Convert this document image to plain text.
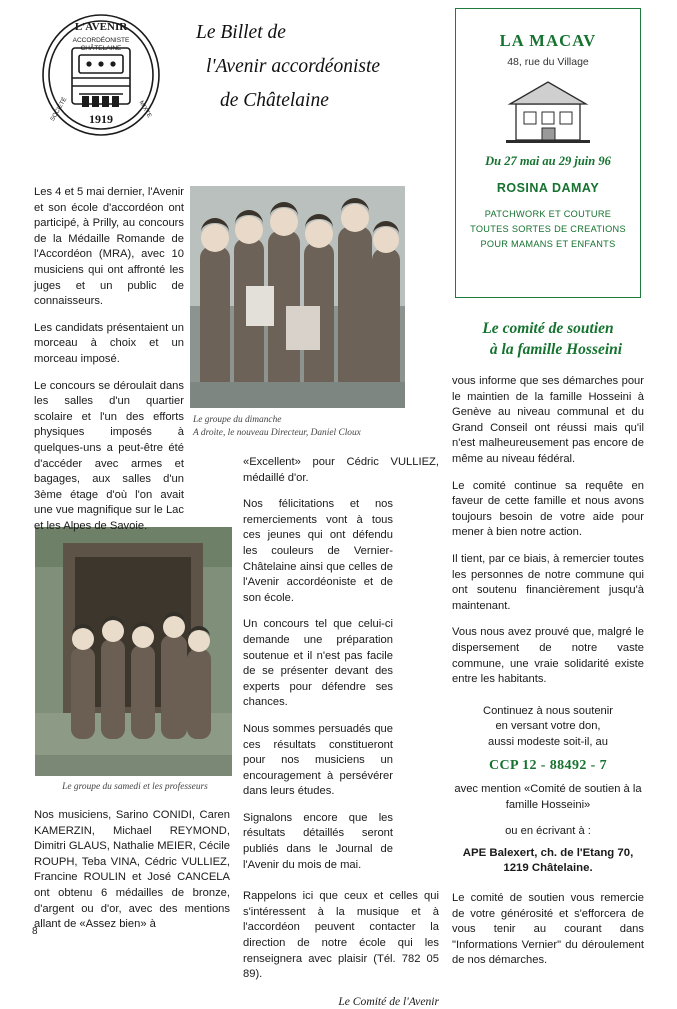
L'AVENIR
ACCORDÉONISTE
CHÂTELAINE
SOCIÉTÉ	MIXTE
1919
Le Billet de
l'Avenir accordéoniste
de Châtelaine
LA MACAV
48, rue du Village
Du 27 mai au 29 juin 96
ROSINA DAMAY
PATCHWORK ET COUTURE
TOUTES SORTES DE CREATIONS
POUR MAMANS ET ENFANTS
Le groupe du dimanche
A droite, le nouveau Directeur, Daniel Cloux
Le groupe du samedi et les professeurs

Les 4 et 5 mai dernier, l'Avenir et son école d'accordéon ont participé, à Prilly, au concours de la Médaille Romande de l'Accordéon (MRA), avec 10 musiciens qui ont affronté les juges et un public de connaisseurs.

Les candidats présentaient un morceau à choix et un morceau imposé.

Le concours se déroulait dans les salles d'un quartier scolaire et l'un des efforts physiques imposés à quelques-uns a peut-être été d'accéder avec armes et bagages, aux salles d'un 3ème étage d'où l'on avait une vue magnifique sur le Lac et les Alpes de Savoie.

Nos musiciens, Sarino CONIDI, Caren KAMERZIN, Michael REYMOND, Dimitri GLAUS, Nathalie MEIER, Cécile ROUPH, Teba VINA, Cédric VULLIEZ, Francine ROULIN et José CANCELA ont obtenu 6 médailles de bronze, d'argent ou d'or, avec des mentions allant de «Assez bien» à

«Excellent» pour Cédric VULLIEZ, médaillé d'or.

Nos félicitations et nos remerciements vont à tous ces jeunes qui ont défendu les couleurs de Vernier-Châtelaine ainsi que celles de l'Avenir accordéoniste et de son école.

Un concours tel que celui-ci demande une préparation soutenue et il n'est pas facile de se présenter devant des experts pour défendre ses chances.

Nous sommes persuadés que ces résultats constitueront pour nos musiciens un encouragement à persévérer dans leurs études.

Signalons encore que les résultats détaillés seront publiés dans le Journal de l'Avenir du mois de mai.

Rappelons ici que ceux et celles qui s'intéressent à la musique et à l'accordéon peuvent contacter la direction de notre école qui les renseignera avec plaisir (Tél. 782 05 89).

Le Comité de l'Avenir
Le comité de soutien
à la famille Hosseini

vous informe que ses démarches pour le maintien de la famille Hosseini à Genève au niveau communal et du Grand Conseil ont réussi mais qu'il n'est malheureusement pas encore de même au niveau fédéral.

Le comité continue sa requête en faveur de cette famille et nous avons toujours besoin de votre aide pour mener à bien notre action.

Il tient, par ce biais, à remercier toutes les personnes de notre commune qui ont soutenu financièrement jusqu'à maintenant.

Vous nous avez prouvé que, malgré le dispersement de notre vaste commune, une vraie solidarité existe entre les habitants.

Continuez à nous soutenir
en versant votre don,
aussi modeste soit-il, au
CCP 12 - 88492 - 7

avec mention «Comité de soutien à la famille Hosseini»

ou en écrivant à :
APE Balexert, ch. de l'Etang 70,
1219 Châtelaine.

Le comité de soutien vous remercie de votre générosité et s'efforcera de vous tenir au courant dans "Informations Vernier" du déroulement de nos démarches.

8
